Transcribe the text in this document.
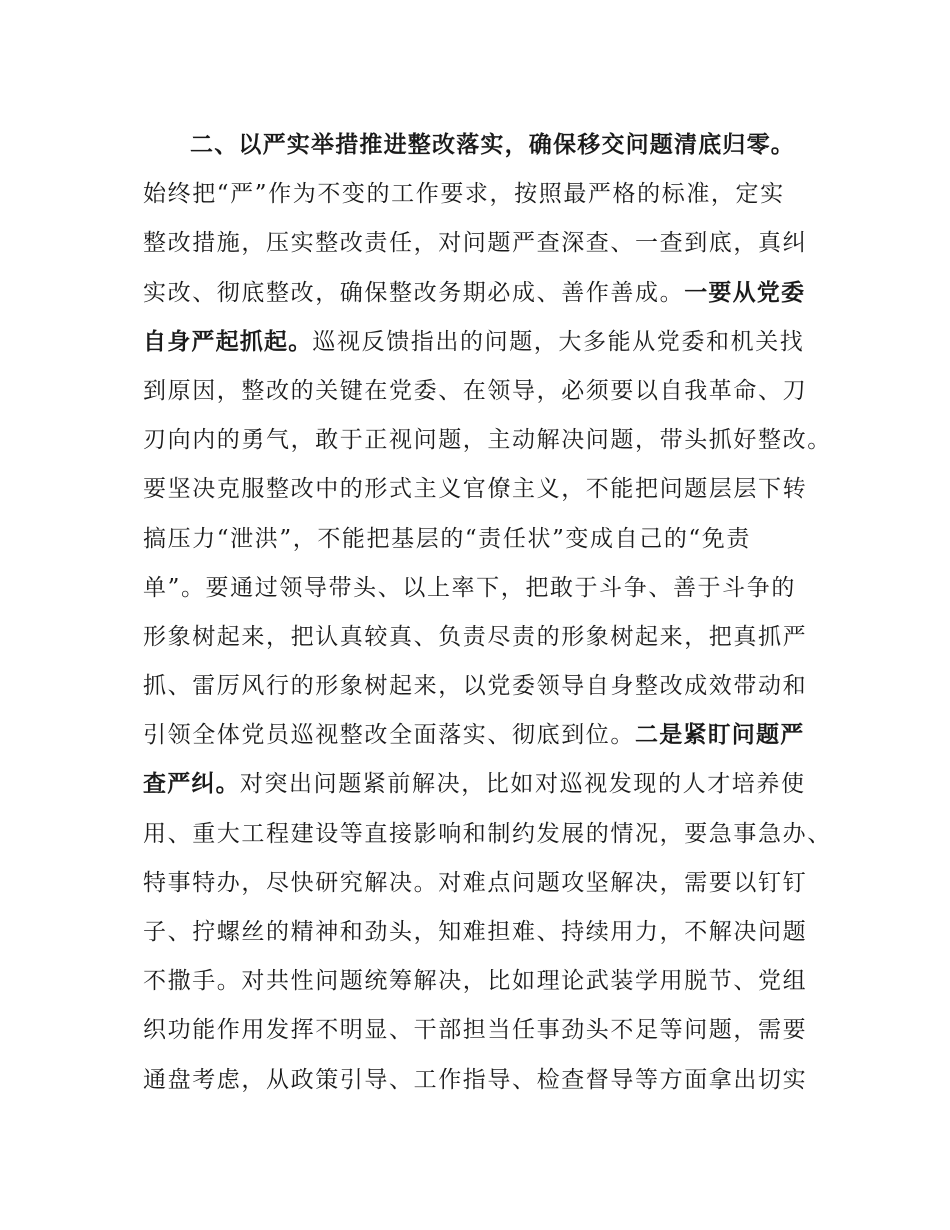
二、以严实举措推进整改落实，确保移交问题清底归零。
始终把“严”作为不变的工作要求，按照最严格的标准，定实
整改措施，压实整改责任，对问题严查深查、一查到底，真纠
实改、彻底整改，确保整改务期必成、善作善成。一要从党委
自身严起抓起。巡视反馈指出的问题，大多能从党委和机关找
到原因，整改的关键在党委、在领导，必须要以自我革命、刀
刃向内的勇气，敢于正视问题，主动解决问题，带头抓好整改。
要坚决克服整改中的形式主义官僚主义，不能把问题层层下转
搞压力“泄洪”，不能把基层的“责任状”变成自己的“免责
单”。要通过领导带头、以上率下，把敢于斗争、善于斗争的
形象树起来，把认真较真、负责尽责的形象树起来，把真抓严
抓、雷厉风行的形象树起来，以党委领导自身整改成效带动和
引领全体党员巡视整改全面落实、彻底到位。二是紧盯问题严
查严纠。对突出问题紧前解决，比如对巡视发现的人才培养使
用、重大工程建设等直接影响和制约发展的情况，要急事急办、
特事特办，尽快研究解决。对难点问题攻坚解决，需要以钉钉
子、拧螺丝的精神和劲头，知难担难、持续用力，不解决问题
不撒手。对共性问题统筹解决，比如理论武装学用脱节、党组
织功能作用发挥不明显、干部担当任事劲头不足等问题，需要
通盘考虑，从政策引导、工作指导、检查督导等方面拿出切实
